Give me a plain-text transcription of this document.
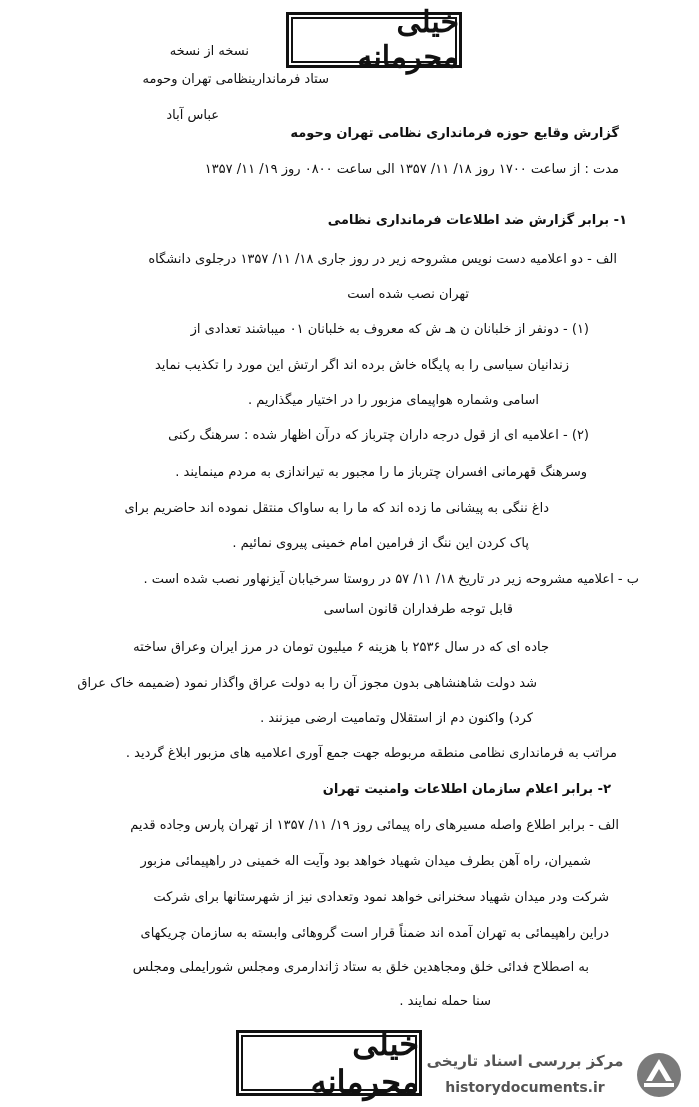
خیلی محرمانه
نسخه از نسخه
ستاد فرماندارینظامی تهران وحومه
عباس آباد
گزارش وقایع حوزه فرمانداری نظامی تهران وحومه
مدت : از ساعت ۱۷۰۰ روز ۱۸/ ۱۱/ ۱۳۵۷ الی ساعت ۰۸۰۰ روز ۱۹/ ۱۱/ ۱۳۵۷
۱- برابر گزارش ضد اطلاعات فرمانداری نظامی
الف - دو اعلامیه دست نویس مشروحه زیر در روز جاری ۱۸/ ۱۱/ ۱۳۵۷ درجلوی دانشگاه
تهران نصب شده است
(۱) - دونفر از خلبانان ن هـ ش که معروف به خلبانان ۰۱ میباشند تعدادی از
زندانیان سیاسی را به پایگاه خاش برده اند اگر ارتش این مورد را تکذیب نماید
اسامی وشماره هواپیمای مزبور را در اختیار میگذاریم .
(۲) - اعلامیه ای از قول درجه داران چترباز که درآن اظهار شده : سرهنگ رکنی
وسرهنگ قهرمانی افسران چترباز ما را مجبور به تیراندازی به مردم مینمایند .
داغ ننگی به پیشانی ما زده اند که ما را به ساواک منتقل نموده اند حاضریم برای
پاک کردن این ننگ از فرامین امام خمینی پیروی نمائیم .
ب - اعلامیه مشروحه زیر در تاریخ ۱۸/ ۱۱/ ۵۷ در روستا سرخیابان آیزنهاور نصب شده است .
قابل توجه طرفداران قانون اساسی
جاده ای که در سال ۲۵۳۶ با هزینه ۶ میلیون تومان در مرز ایران وعراق ساخته
شد دولت شاهنشاهی بدون مجوز آن را به دولت عراق واگذار نمود (ضمیمه خاک عراق
کرد) واکنون دم از استقلال وتمامیت ارضی میزنند .
مراتب به فرمانداری نظامی منطقه مربوطه جهت جمع آوری اعلامیه های مزبور ابلاغ گردید .
۲- برابر اعلام سازمان اطلاعات وامنیت تهران
الف - برابر اطلاع واصله مسیرهای راه پیمائی روز ۱۹/ ۱۱/ ۱۳۵۷ از تهران پارس وجاده قدیم
شمیران، راه آهن بطرف میدان شهیاد خواهد بود وآیت اله خمینی در راهپیمائی مزبور
شرکت ودر میدان شهیاد سخنرانی خواهد نمود وتعدادی نیز از شهرستانها برای شرکت
دراین راهپیمائی به تهران آمده اند ضمناً قرار است گروهائی وابسته به سازمان چریکهای
به اصطلاح فدائی خلق ومجاهدین خلق به ستاد ژاندارمری ومجلس شورایملی ومجلس
سنا حمله نمایند .
خیلی محرمانه
مرکز بررسی اسناد تاریخی
historydocuments.ir
